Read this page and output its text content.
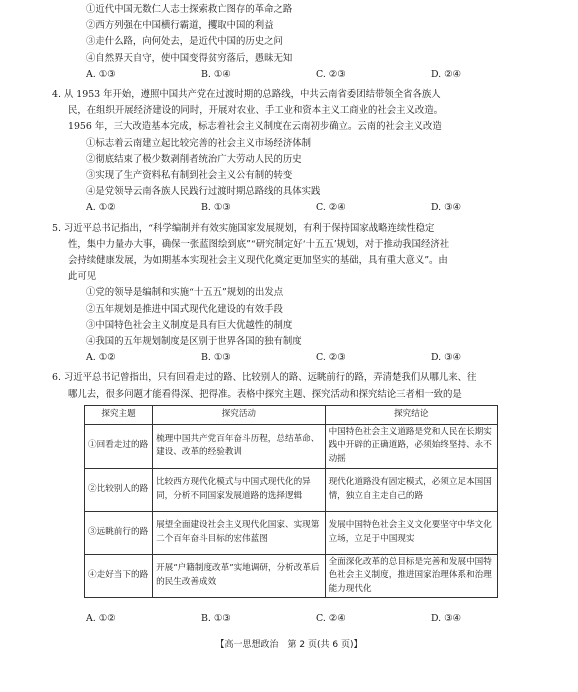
①近代中国无数仁人志士探索救亡图存的革命之路
②西方列强在中国横行霸道，攫取中国的利益
③走什么路，向何处去，是近代中国的历史之问
④自然界天自守，使中国变得贫穷落后，愚昧无知
A. ①③	B. ①④	C. ②③	D. ②④
4. 从 1953 年开始，遵照中国共产党在过渡时期的总路线，中共云南省委团结带领全省各族人
民，在组织开展经济建设的同时，开展对农业、手工业和资本主义工商业的社会主义改造。
1956 年，三大改造基本完成，标志着社会主义制度在云南初步确立。云南的社会主义改造
①标志着云南建立起比较完善的社会主义市场经济体制
②彻底结束了极少数剥削者统治广大劳动人民的历史
③实现了生产资料私有制到社会主义公有制的转变
④是党领导云南各族人民践行过渡时期总路线的具体实践
A. ①②	B. ①③	C. ②④	D. ③④
5. 习近平总书记指出，“科学编制并有效实施国家发展规划，有利于保持国家战略连续性稳定
性，集中力量办大事，确保一张蓝图绘到底”“研究制定好‘十五五’规划，对于推动我国经济社
会持续健康发展，为如期基本实现社会主义现代化奠定更加坚实的基础，具有重大意义”。由
此可见
①党的领导是编制和实施“十五五”规划的出发点
②五年规划是推进中国式现代化建设的有效手段
③中国特色社会主义制度是具有巨大优越性的制度
④我国的五年规划制度是区别于世界各国的独有制度
A. ①②	B. ①③	C. ②③	D. ③④
6. 习近平总书记曾指出，只有回看走过的路、比较别人的路、远眺前行的路，弄清楚我们从哪儿来、往
哪儿去，很多问题才能看得深、把得准。表格中探究主题、探究活动和探究结论三者相一致的是
探究主题	探究活动	探究结论
①回看走过的路	梳理中国共产党百年奋斗历程，总结革命、建设、改革的经验教训	中国特色社会主义道路是党和人民在长期实践中开辟的正确道路，必须始终坚持、永不动摇
②比较别人的路	比较西方现代化模式与中国式现代化的异同，分析不同国家发展道路的选择逻辑	现代化道路没有固定模式，必须立足本国国情，独立自主走自己的路
③远眺前行的路	展望全面建设社会主义现代化国家、实现第二个百年奋斗目标的宏伟蓝图	发展中国特色社会主义文化要坚守中华文化立场，立足于中国现实
④走好当下的路	开展“户籍制度改革”实地调研，分析改革后的民生改善成效	全面深化改革的总目标是完善和发展中国特色社会主义制度，推进国家治理体系和治理能力现代化
A. ①②	B. ①③	C. ②④	D. ③④
【高一思想政治　第 2 页(共 6 页)】
